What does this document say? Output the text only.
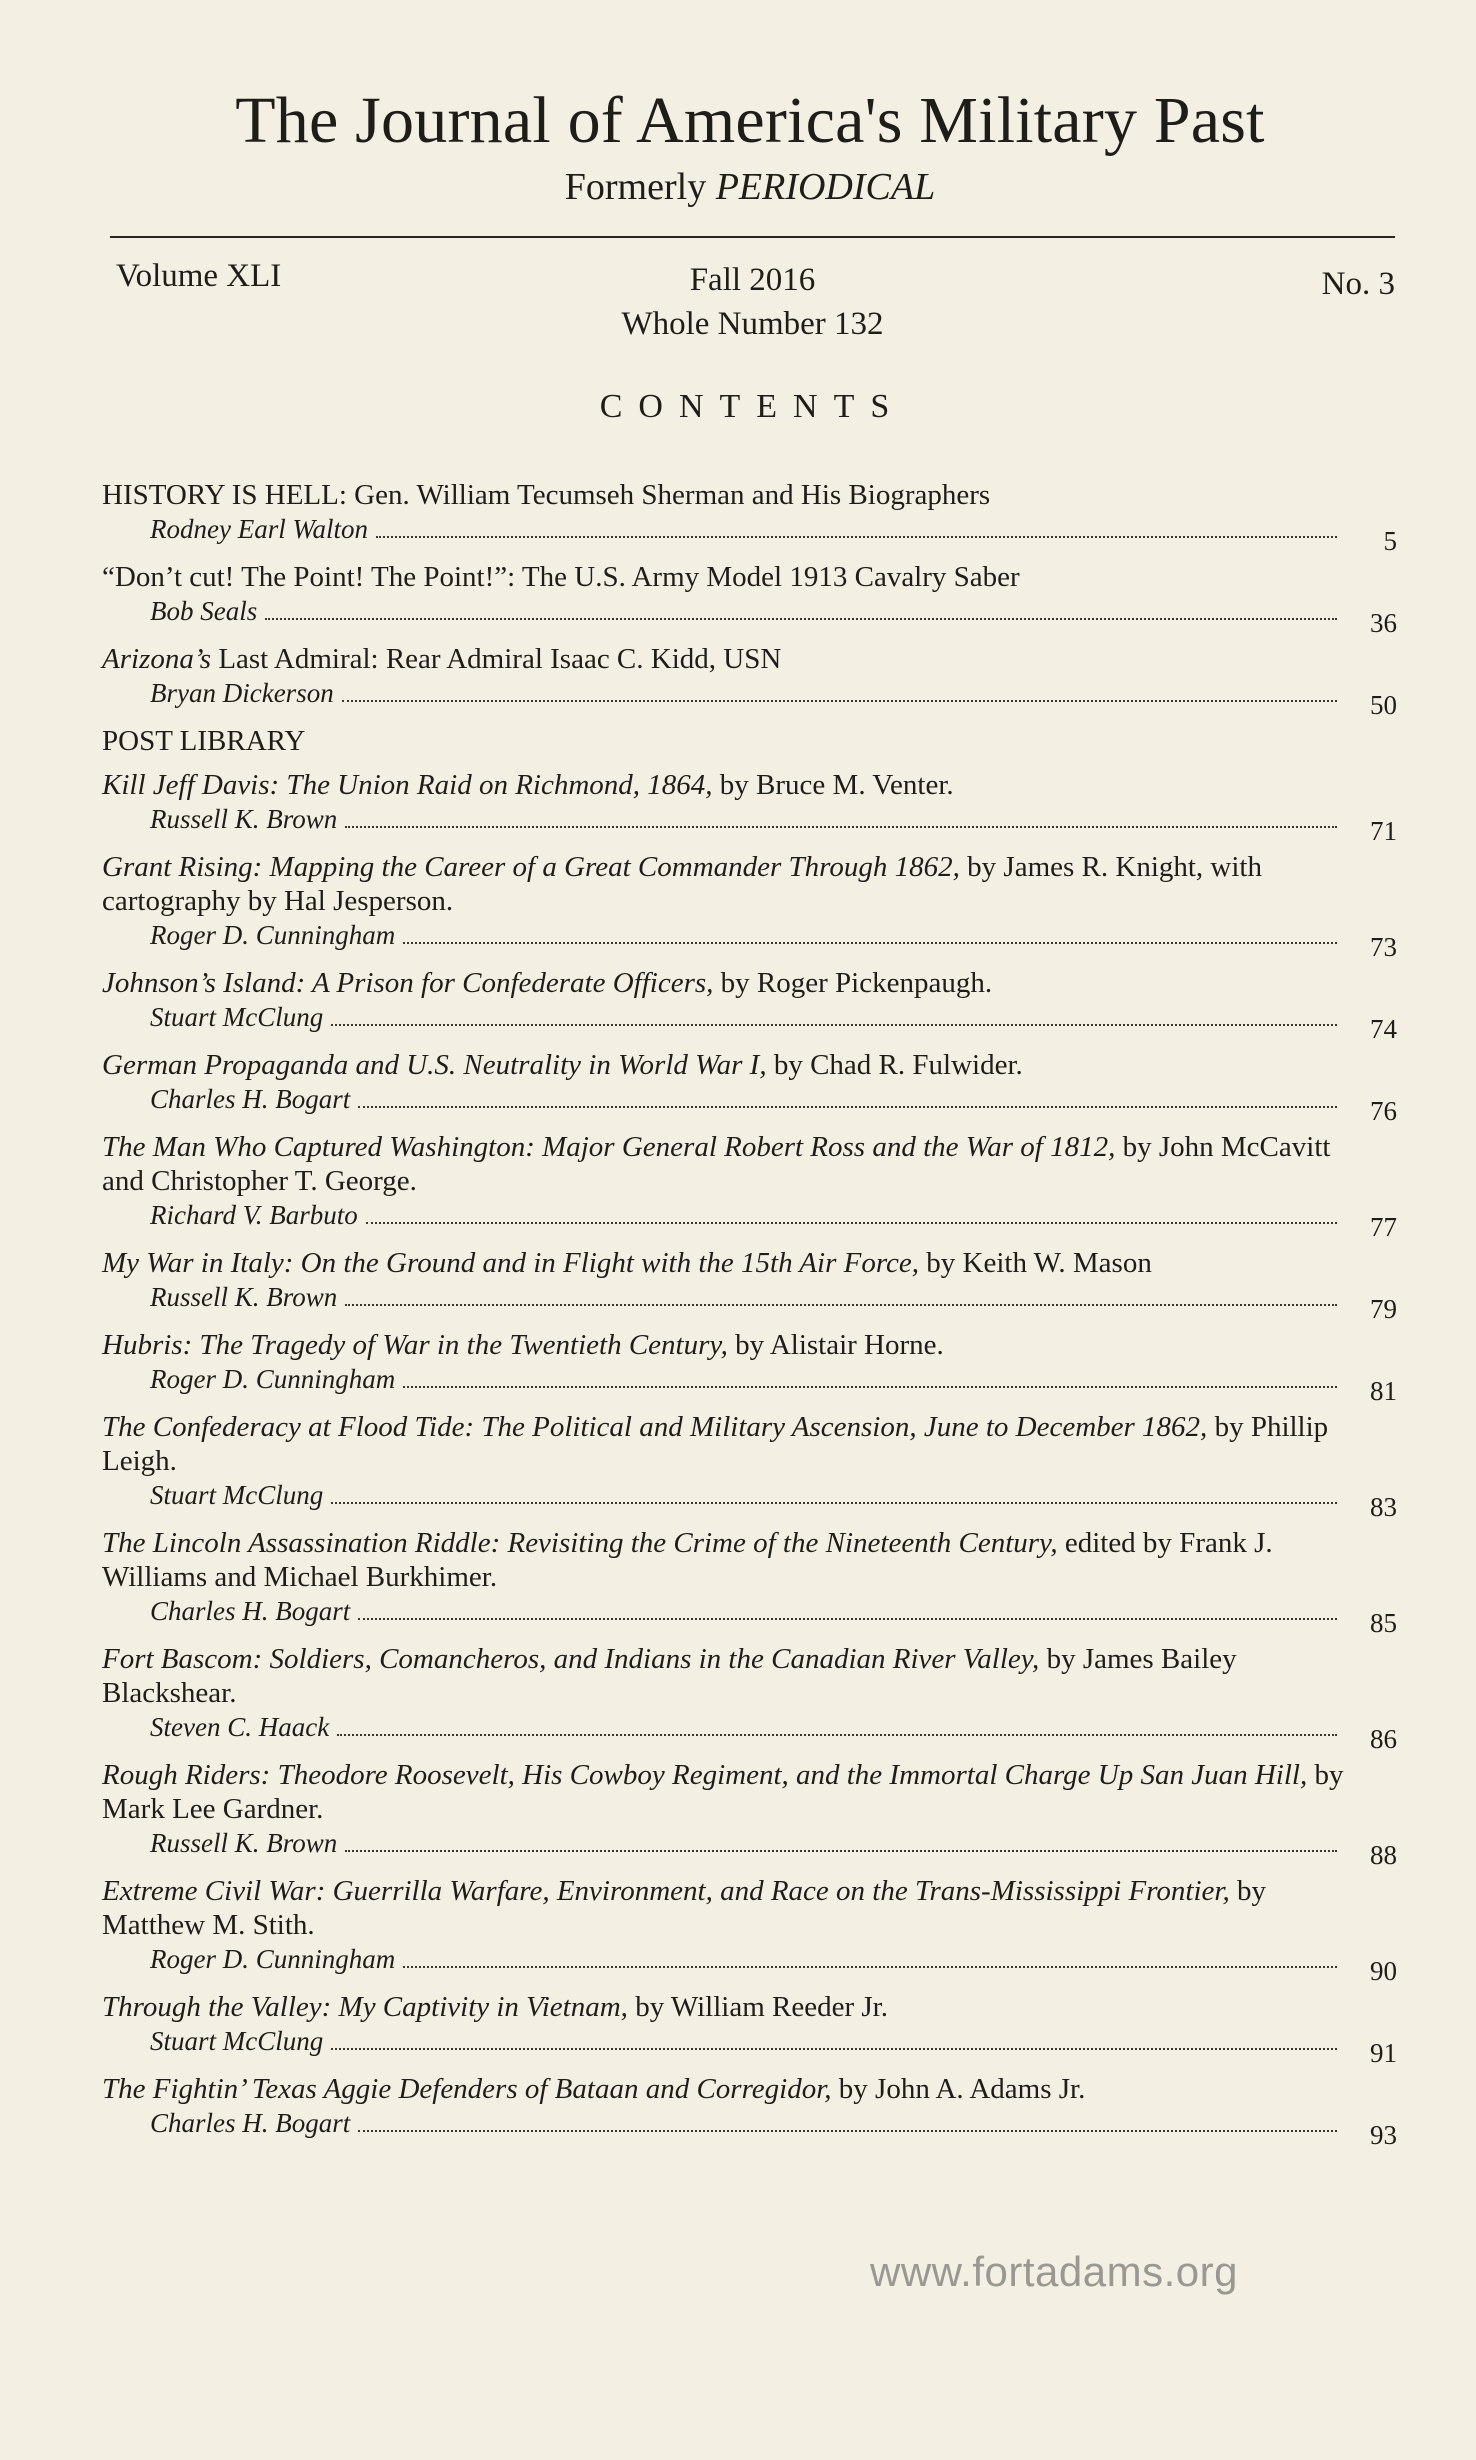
The Journal of America's Military Past
Formerly PERIODICAL
Volume XLI	Fall 2016
Whole Number 132
No. 3
CONTENTS
HISTORY IS HELL: Gen. William Tecumseh Sherman and His Biographers
Rodney Earl Walton	5
“Don’t cut! The Point! The Point!”: The U.S. Army Model 1913 Cavalry Saber
Bob Seals	36
Arizona’s Last Admiral: Rear Admiral Isaac C. Kidd, USN
Bryan Dickerson	50
POST LIBRARY
Kill Jeff Davis: The Union Raid on Richmond, 1864, by Bruce M. Venter.
Russell K. Brown	71
Grant Rising: Mapping the Career of a Great Commander Through 1862, by James R. Knight, with cartography by Hal Jesperson.
Roger D. Cunningham	73
Johnson’s Island: A Prison for Confederate Officers, by Roger Pickenpaugh.
Stuart McClung	74
German Propaganda and U.S. Neutrality in World War I, by Chad R. Fulwider.
Charles H. Bogart	76
The Man Who Captured Washington: Major General Robert Ross and the War of 1812, by John McCavitt and Christopher T. George.
Richard V. Barbuto	77
My War in Italy: On the Ground and in Flight with the 15th Air Force, by Keith W. Mason
Russell K. Brown	79
Hubris: The Tragedy of War in the Twentieth Century, by Alistair Horne.
Roger D. Cunningham	81
The Confederacy at Flood Tide: The Political and Military Ascension, June to December 1862, by Phillip Leigh.
Stuart McClung	83
The Lincoln Assassination Riddle: Revisiting the Crime of the Nineteenth Century, edited by Frank J. Williams and Michael Burkhimer.
Charles H. Bogart	85
Fort Bascom: Soldiers, Comancheros, and Indians in the Canadian River Valley, by James Bailey Blackshear.
Steven C. Haack	86
Rough Riders: Theodore Roosevelt, His Cowboy Regiment, and the Immortal Charge Up San Juan Hill, by Mark Lee Gardner.
Russell K. Brown	88
Extreme Civil War: Guerrilla Warfare, Environment, and Race on the Trans-Mississippi Frontier, by Matthew M. Stith.
Roger D. Cunningham	90
Through the Valley: My Captivity in Vietnam, by William Reeder Jr.
Stuart McClung	91
The Fightin’ Texas Aggie Defenders of Bataan and Corregidor, by John A. Adams Jr.
Charles H. Bogart	93
www.fortadams.org
